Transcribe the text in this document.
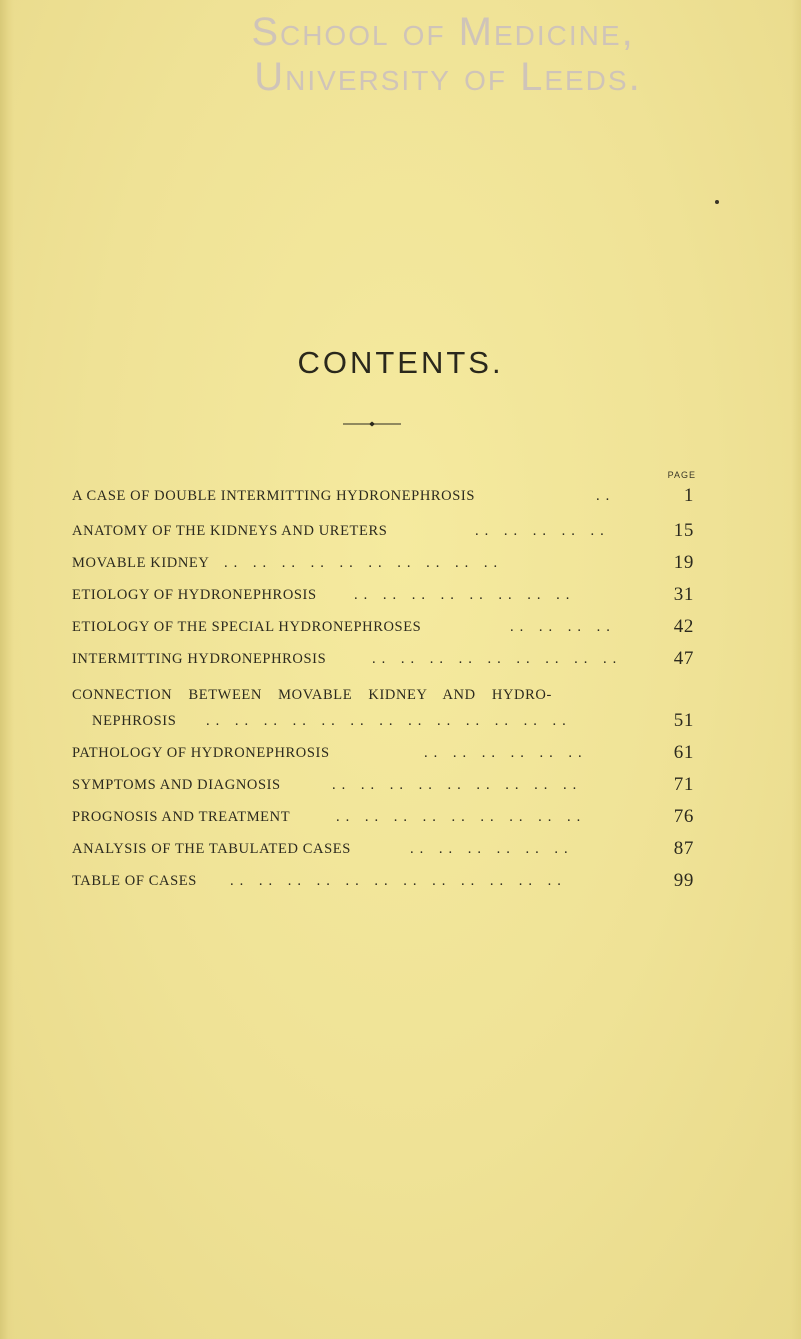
School of Medicine,
University of Leeds.
CONTENTS.
PAGE
A CASE OF DOUBLE INTERMITTING HYDRONEPHROSIS	..	1
ANATOMY OF THE KIDNEYS AND URETERS	.. .. .. .. ..	15
MOVABLE KIDNEY .. .. .. .. .. .. .. .. .. ..	19
ETIOLOGY OF HYDRONEPHROSIS	.. .. .. .. .. .. .. ..	31
ETIOLOGY OF THE SPECIAL HYDRONEPHROSES	.. .. .. ..	42
INTERMITTING HYDRONEPHROSIS	.. .. .. .. .. .. .. .. ..	47
CONNECTION BETWEEN MOVABLE KIDNEY AND HYDRO-
NEPHROSIS .. .. .. .. .. .. .. .. .. .. .. .. ..	51
PATHOLOGY OF HYDRONEPHROSIS	.. .. .. .. .. ..	61
SYMPTOMS AND DIAGNOSIS	.. .. .. .. .. .. .. .. ..	71
PROGNOSIS AND TREATMENT	.. .. .. .. .. .. .. .. ..	76
ANALYSIS OF THE TABULATED CASES	.. .. .. .. .. ..	87
TABLE OF CASES .. .. .. .. .. .. .. .. .. .. .. ..	99
